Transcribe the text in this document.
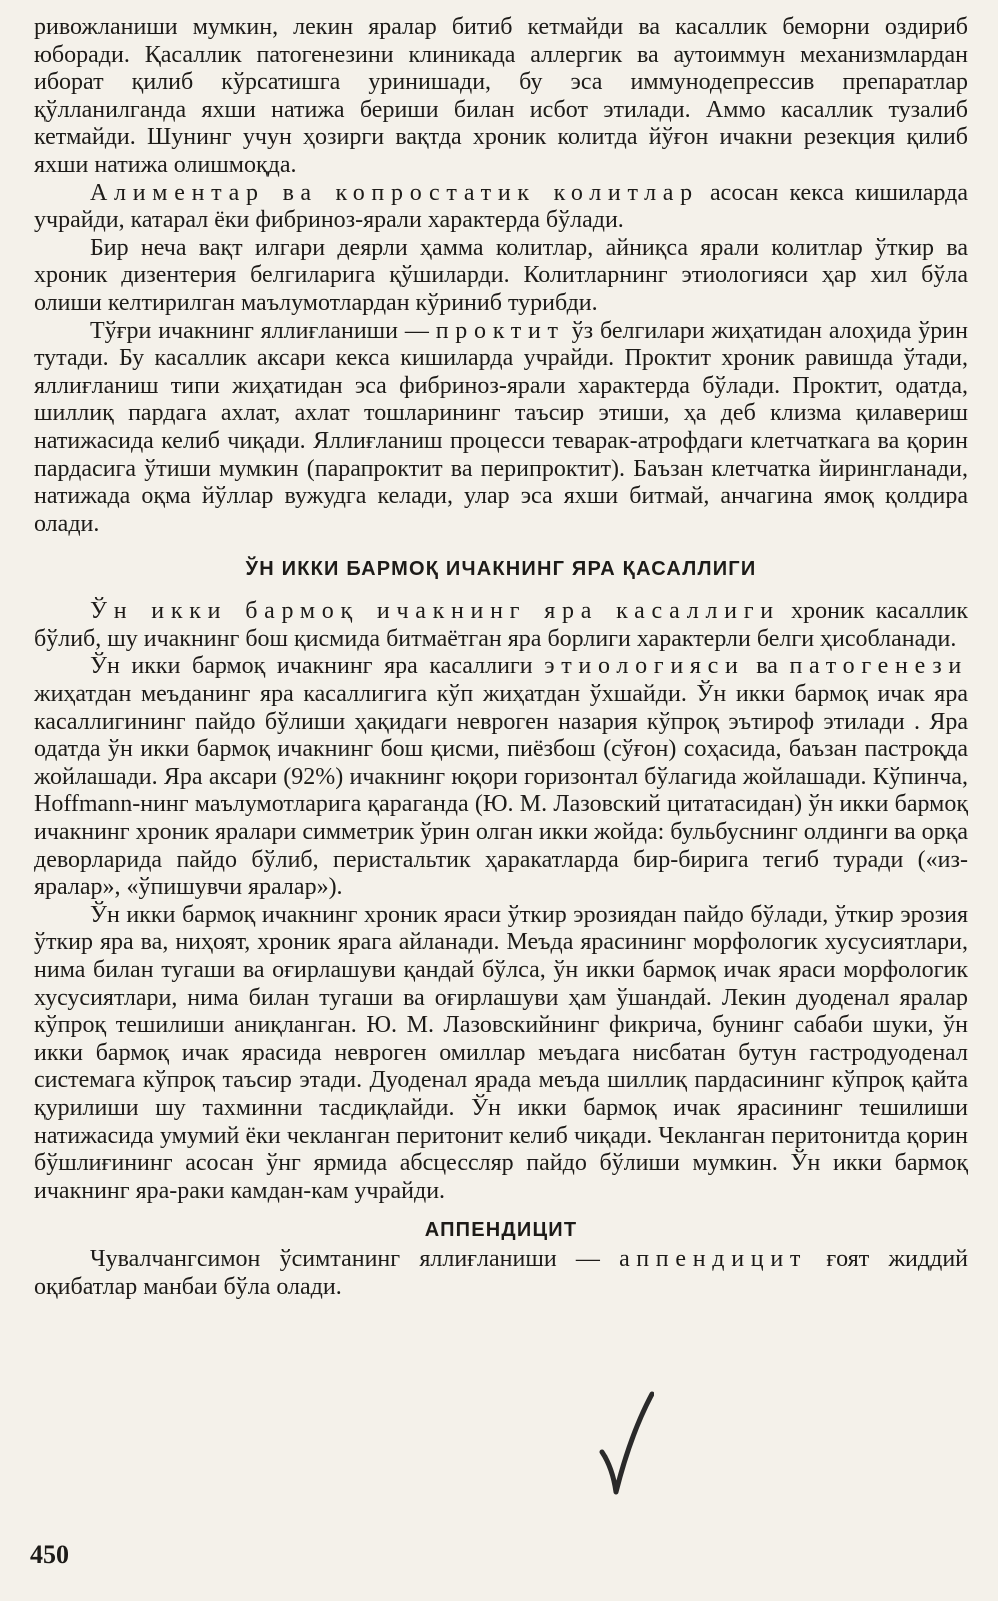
ривожланиши мумкин, лекин яралар битиб кетмайди ва касаллик беморни оздириб юборади. Қасаллик патогенезини клиникада аллергик ва аутоиммун механизмлардан иборат қилиб кўрсатишга уринишади, бу эса иммунодепрессив препаратлар қўлланилганда яхши натижа бериши билан исбот этилади. Аммо касаллик тузалиб кетмайди. Шунинг учун ҳозирги вақтда хроник колитда йўғон ичакни резекция қилиб яхши натижа олишмоқда.

Алиментар ва копростатик колитлар асосан кекса кишиларда учрайди, катарал ёки фибриноз-ярали характерда бўлади.

Бир неча вақт илгари деярли ҳамма колитлар, айниқса ярали колитлар ўткир ва хроник дизентерия белгиларига қўшиларди. Колитларнинг этиологияси ҳар хил бўла олиши келтирилган маълумотлардан кўриниб турибди.

Тўғри ичакнинг яллиғланиши — проктит ўз белгилари жиҳатидан алоҳида ўрин тутади. Бу касаллик аксари кекса кишиларда учрайди. Проктит хроник равишда ўтади, яллиғланиш типи жиҳатидан эса фибриноз-ярали характерда бўлади. Проктит, одатда, шиллиқ пардага ахлат, ахлат тошларининг таъсир этиши, ҳа деб клизма қилавериш натижасида келиб чиқади. Яллиғланиш процесси теварак-атрофдаги клетчаткага ва қорин пардасига ўтиши мумкин (парапроктит ва перипроктит). Баъзан клетчатка йирингланади, натижада оқма йўллар вужудга келади, улар эса яхши битмай, анчагина ямоқ қолдира олади.

ЎН ИККИ БАРМОҚ ИЧАКНИНГ ЯРА ҚАСАЛЛИГИ

Ўн икки бармоқ ичакнинг яра касаллиги хроник касаллик бўлиб, шу ичакнинг бош қисмида битмаётган яра борлиги характерли белги ҳисобланади.

Ўн икки бармоқ ичакнинг яра касаллиги этиологияси ва патогенези жиҳатдан меъданинг яра касаллигига кўп жиҳатдан ўхшайди. Ўн икки бармоқ ичак яра касаллигининг пайдо бўлиши ҳақидаги неврогeн назария кўпроқ эътироф этилади . Яра одатда ўн икки бармоқ ичакнинг бош қисми, пиёзбош (сўғон) соҳасида, баъзан пастроқда жойлашади. Яра аксари (92%) ичакнинг юқори горизонтал бўлагида жойлашади. Кўпинча, Hoffmann-нинг маълумотларига қараганда (Ю. М. Лазовский цитатасидан) ўн икки бармоқ ичакнинг хроник яралари симметрик ўрин олган икки жойда: бульбуснинг олдинги ва орқа деворларида пайдо бўлиб, перистальтик ҳаракатларда бир-бирига тегиб туради («из-яралар», «ўпишувчи яралар»).

Ўн икки бармоқ ичакнинг хроник яраси ўткир эрозиядан пайдо бўлади, ўткир эрозия ўткир яра ва, ниҳоят, хроник ярага айланади. Меъда ярасининг морфологик хусусиятлари, нима билан тугаши ва оғирлашуви қандай бўлса, ўн икки бармоқ ичак яраси морфологик хусусиятлари, нима билан тугаши ва оғирлашуви ҳам ўшандай. Лекин дуоденал яралар кўпроқ тешилиши аниқланган. Ю. М. Лазовскийнинг фикрича, бунинг сабаби шуки, ўн икки бармоқ ичак ярасида неврогeн омиллар меъдага нисбатан бутун гастродуоденал системага кўпроқ таъсир этади. Дуоденал ярада меъда шиллиқ пардасининг кўпроқ қайта қурилиши шу тахминни тасдиқлайди. Ўн икки бармоқ ичак ярасининг тешилиши натижасида умумий ёки чекланган перитонит келиб чиқади. Чекланган перитонитда қорин бўшлиғининг асосан ўнг ярмида абсцессляр пайдо бўлиши мумкин. Ўн икки бармоқ ичакнинг яра-раки камдан-кам учрайди.

АППЕНДИЦИТ

Чувалчангсимон ўсимтанинг яллиғланиши — аппендицит ғоят жиддий оқибатлар манбаи бўла олади.

450
